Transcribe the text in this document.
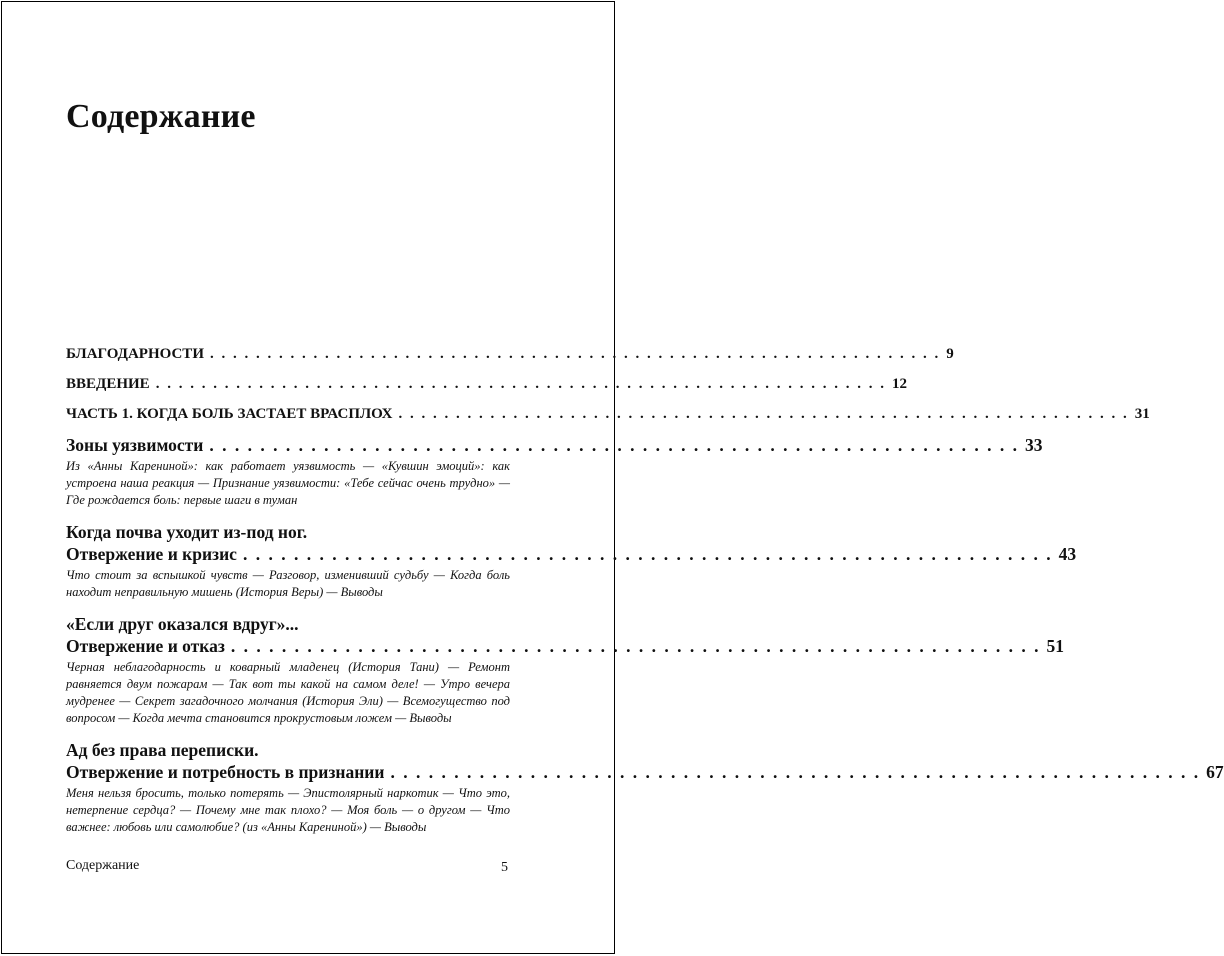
Содержание
БЛАГОДАРНОСТИ . . . . . . . . . . . . . . . . . . . . . . . . . . . . . . . . . . . . . . . . . . . . . . . . . . . . . . . . . . . . . . . . 9
ВВЕДЕНИЕ . . . . . . . . . . . . . . . . . . . . . . . . . . . . . . . . . . . . . . . . . . . . . . . . . . . . . . . . . . . . . . . . 12
ЧАСТЬ 1. КОГДА БОЛЬ ЗАСТАЕТ ВРАСПЛОХ . . . . . . . . . . . . . . . . . . . . . . . . . . . . . . . . . . . . . . . . . . . . . . . . . . . . . . . . . . . . . . . . 31
Зоны уязвимости . . . . . . . . . . . . . . . . . . . . . . . . . . . . . . . . . . . . . . . . . . . . . . . . . . . . . . . . . . . . . . . . 33

Из «Анны Карениной»: как работает уязвимость — «Кувшин эмоций»: как устроена наша реакция — Признание уязвимости: «Тебе сейчас очень трудно» — Где рождается боль: первые шаги в туман

Когда почва уходит из-под ног.
Отвержение и кризис . . . . . . . . . . . . . . . . . . . . . . . . . . . . . . . . . . . . . . . . . . . . . . . . . . . . . . . . . . . . . . . . 43

Что стоит за вспышкой чувств — Разговор, изменивший судьбу — Когда боль находит неправильную мишень (История Веры) — Выводы

«Если друг оказался вдруг»...
Отвержение и отказ . . . . . . . . . . . . . . . . . . . . . . . . . . . . . . . . . . . . . . . . . . . . . . . . . . . . . . . . . . . . . . . . 51

Черная неблагодарность и коварный младенец (История Тани) — Ремонт равняется двум пожарам — Так вот ты какой на самом деле! — Утро вечера мудренее — Секрет загадочного молчания (История Эли) — Всемогущество под вопросом — Когда мечта становится прокрустовым ложем — Выводы

Ад без права переписки.
Отвержение и потребность в признании . . . . . . . . . . . . . . . . . . . . . . . . . . . . . . . . . . . . . . . . . . . . . . . . . . . . . . . . . . . . . . . . 67

Меня нельзя бросить, только потерять — Эпистолярный наркотик — Что это, нетерпение сердца? — Почему мне так плохо? — Моя боль — о другом — Что важнее: любовь или самолюбие? (из «Анны Карениной») — Выводы

Содержание	5
